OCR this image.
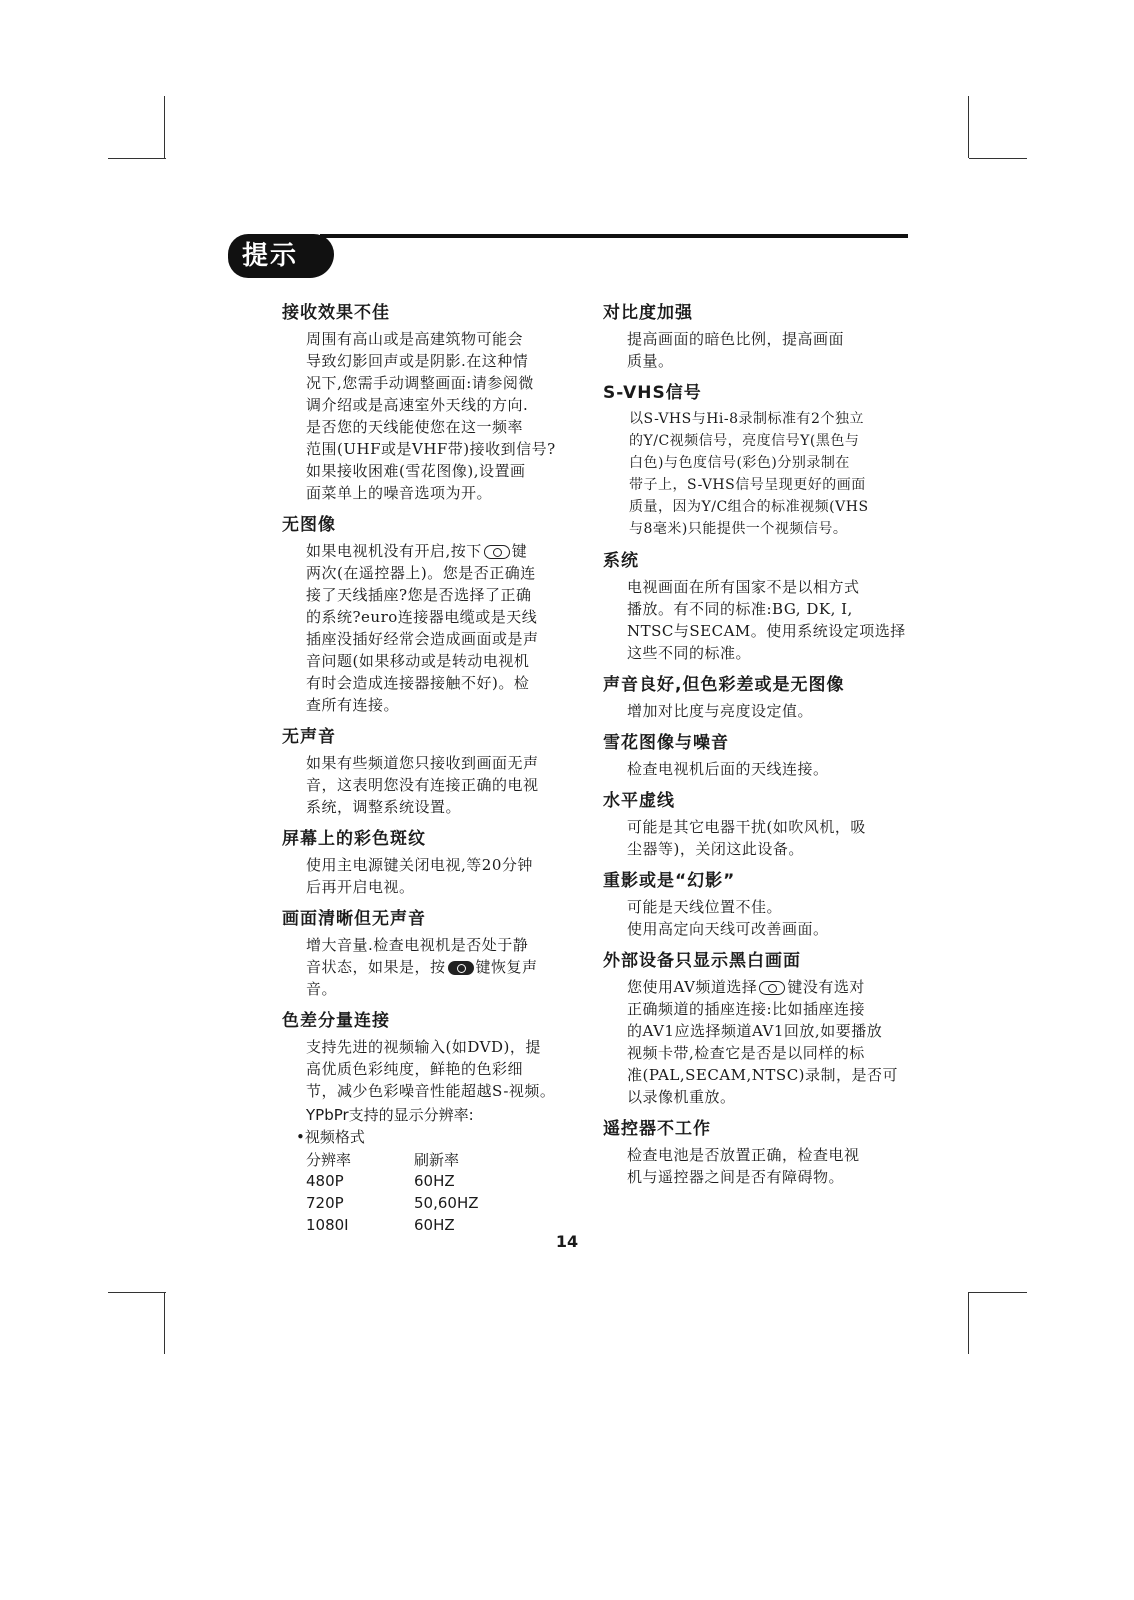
提示
接收效果不佳
周围有高山或是高建筑物可能会
导致幻影回声或是阴影.在这种情
况下,您需手动调整画面:请参阅微
调介绍或是高速室外天线的方向.
是否您的天线能使您在这一频率
范围(UHF或是VHF带)接收到信号?
如果接收困难(雪花图像),设置画
面菜单上的噪音选项为开。
无图像
如果电视机没有开启,按下 键
两次(在遥控器上)。您是否正确连
接了天线插座?您是否选择了正确
的系统?euro连接器电缆或是天线
插座没插好经常会造成画面或是声
音问题(如果移动或是转动电视机
有时会造成连接器接触不好)。检
查所有连接。
无声音
如果有些频道您只接收到画面无声
音，这表明您没有连接正确的电视
系统，调整系统设置。
屏幕上的彩色斑纹
使用主电源键关闭电视,等20分钟
后再开启电视。
画面清晰但无声音
增大音量.检查电视机是否处于静
音状态，如果是，按 键恢复声
音。
色差分量连接
支持先进的视频输入(如DVD)，提
高优质色彩纯度，鲜艳的色彩细
节，减少色彩噪音性能超越S-视频。
YPbPr支持的显示分辨率:
•视频格式
分辨率	刷新率
480P	60HZ
720P	50,60HZ
1080I	60HZ
对比度加强
提高画面的暗色比例，提高画面
质量。
S-VHS信号
以S-VHS与Hi-8录制标准有2个独立
的Y/C视频信号，亮度信号Y(黑色与
白色)与色度信号(彩色)分别录制在
带子上，S-VHS信号呈现更好的画面
质量，因为Y/C组合的标准视频(VHS
与8毫米)只能提供一个视频信号。
系统
电视画面在所有国家不是以相方式
播放。有不同的标准:BG, DK, I,
NTSC与SECAM。使用系统设定项选择
这些不同的标准。
声音良好,但色彩差或是无图像
增加对比度与亮度设定值。
雪花图像与噪音
检查电视机后面的天线连接。
水平虚线
可能是其它电器干扰(如吹风机，吸
尘器等)，关闭这此设备。
重影或是“幻影”
可能是天线位置不佳。
使用高定向天线可改善画面。
外部设备只显示黑白画面
您使用AV频道选择 键没有选对
正确频道的插座连接:比如插座连接
的AV1应选择频道AV1回放,如要播放
视频卡带,检查它是否是以同样的标
准(PAL,SECAM,NTSC)录制，是否可
以录像机重放。
遥控器不工作
检查电池是否放置正确，检查电视
机与遥控器之间是否有障碍物。
14
